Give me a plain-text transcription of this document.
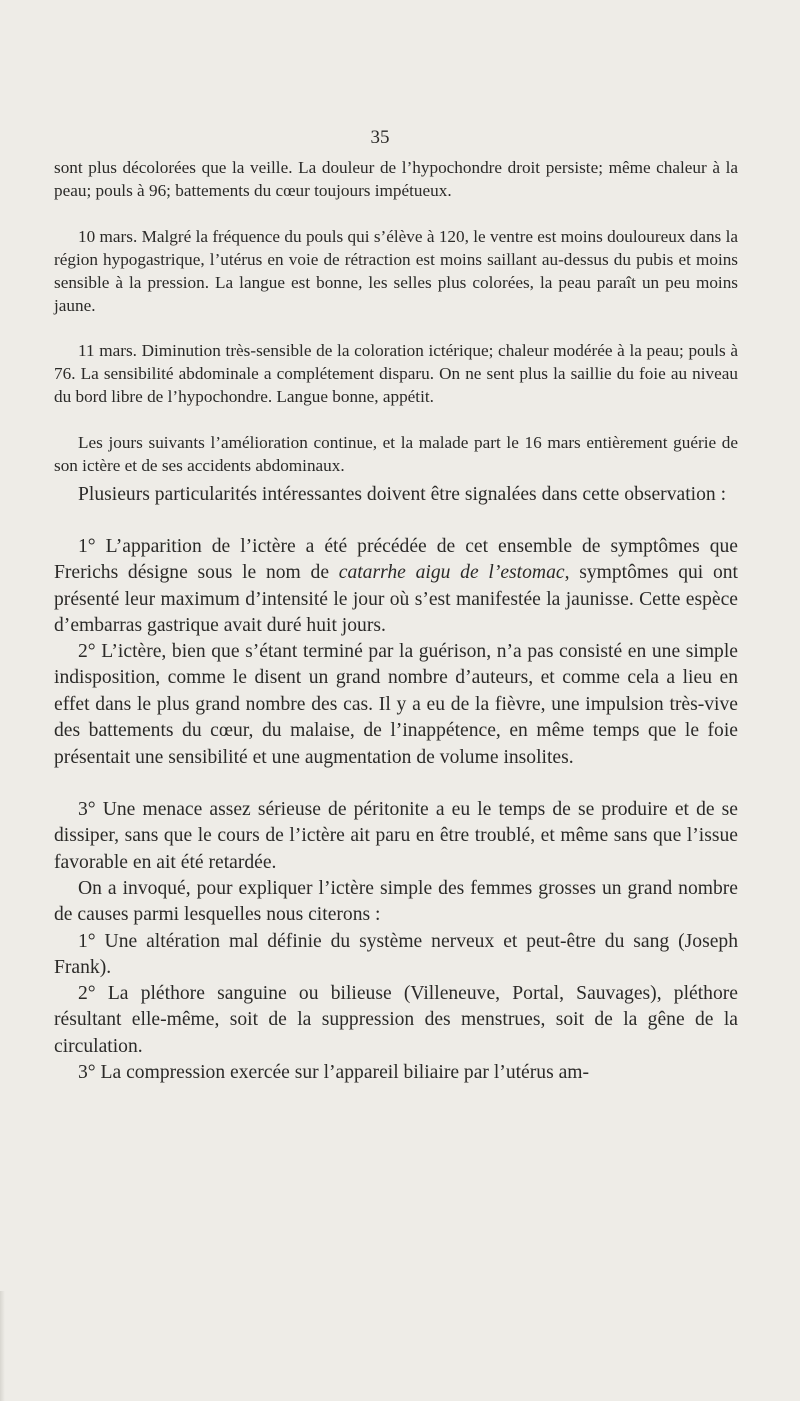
35

sont plus décolorées que la veille. La douleur de l’hypochondre droit persiste; même chaleur à la peau; pouls à 96; battements du cœur toujours impétueux.

10 mars. Malgré la fréquence du pouls qui s’élève à 120, le ventre est moins douloureux dans la région hypogastrique, l’utérus en voie de rétraction est moins saillant au-dessus du pubis et moins sensible à la pression. La langue est bonne, les selles plus colorées, la peau paraît un peu moins jaune.

11 mars. Diminution très-sensible de la coloration ictérique; chaleur modérée à la peau; pouls à 76. La sensibilité abdominale a complétement disparu. On ne sent plus la saillie du foie au niveau du bord libre de l’hypochondre. Langue bonne, appétit.

Les jours suivants l’amélioration continue, et la malade part le 16 mars entièrement guérie de son ictère et de ses accidents abdominaux.

Plusieurs particularités intéressantes doivent être signalées dans cette observation :

1° L’apparition de l’ictère a été précédée de cet ensemble de symptômes que Frerichs désigne sous le nom de catarrhe aigu de l’estomac, symptômes qui ont présenté leur maximum d’intensité le jour où s’est manifestée la jaunisse. Cette espèce d’embarras gastrique avait duré huit jours.

2° L’ictère, bien que s’étant terminé par la guérison, n’a pas consisté en une simple indisposition, comme le disent un grand nombre d’auteurs, et comme cela a lieu en effet dans le plus grand nombre des cas. Il y a eu de la fièvre, une impulsion très-vive des battements du cœur, du malaise, de l’inappétence, en même temps que le foie présentait une sensibilité et une augmentation de volume insolites.

3° Une menace assez sérieuse de péritonite a eu le temps de se produire et de se dissiper, sans que le cours de l’ictère ait paru en être troublé, et même sans que l’issue favorable en ait été retardée.

On a invoqué, pour expliquer l’ictère simple des femmes grosses un grand nombre de causes parmi lesquelles nous citerons :

1° Une altération mal définie du système nerveux et peut-être du sang (Joseph Frank).

2° La pléthore sanguine ou bilieuse (Villeneuve, Portal, Sauvages), pléthore résultant elle-même, soit de la suppression des menstrues, soit de la gêne de la circulation.

3° La compression exercée sur l’appareil biliaire par l’utérus am-
